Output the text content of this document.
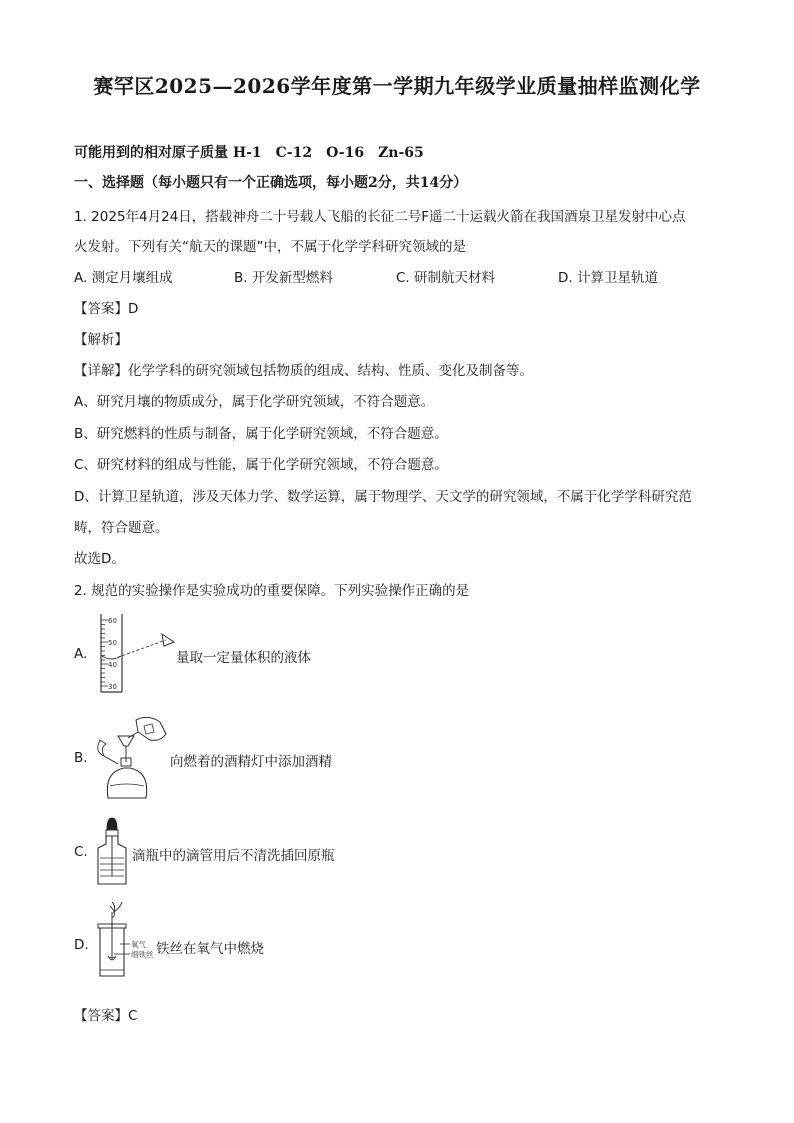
赛罕区2025—2026学年度第一学期九年级学业质量抽样监测化学
可能用到的相对原子质量 H-1　C-12　O-16　Zn-65
一、选择题（每小题只有一个正确选项，每小题2分，共14分）
1. 2025年4月24日，搭载神舟二十号载人飞船的长征二号F遥二十运载火箭在我国酒泉卫星发射中心点
火发射。下列有关“航天的课题”中，不属于化学学科研究领域的是
A. 测定月壤组成	B. 开发新型燃料	C. 研制航天材料	D. 计算卫星轨道
【答案】D
【解析】
【详解】化学学科的研究领域包括物质的组成、结构、性质、变化及制备等。
A、研究月壤的物质成分，属于化学研究领域，不符合题意。
B、研究燃料的性质与制备，属于化学研究领域，不符合题意。
C、研究材料的组成与性能，属于化学研究领域，不符合题意。
D、计算卫星轨道，涉及天体力学、数学运算，属于物理学、天文学的研究领域，不属于化学学科研究范
畴，符合题意。
故选D。
2. 规范的实验操作是实验成功的重要保障。下列实验操作正确的是
A.
60
50
40
30
量取一定量体积的液体
B.	向燃着的酒精灯中添加酒精
C.	滴瓶中的滴管用后不清洗插回原瓶
D.	氧气
细铁丝 铁丝在氧气中燃烧
【答案】C
